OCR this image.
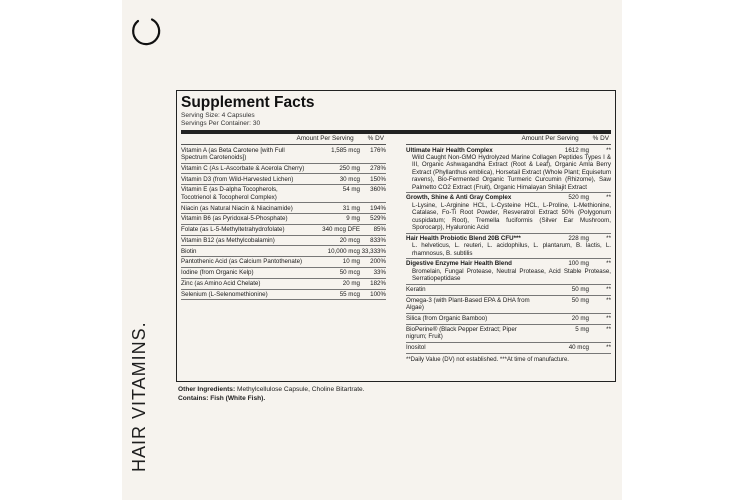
HAIR VITAMINS.
Supplement Facts
Serving Size: 4 Capsules
Servings Per Container: 30
Amount Per Serving % DV
Vitamin A (as Beta Carotene [with Full Spectrum Carotenoids])
1,585 mcg	176%
Vitamin C (As L-Ascorbate & Acerola Cherry)	250 mg	278%
Vitamin D3 (from Wild-Harvested Lichen)	30 mcg	150%
Vitamin E (as D-alpha Tocopherols, Tocotrienol & Tocopherol Complex)
54 mg	360%
Niacin (as Natural Niacin & Niacinamide)	31 mg	194%
Vitamin B6 (as Pyridoxal-5-Phosphate)	9 mg	529%
Folate (as L-5-Methyltetrahydrofolate)	340 mcg DFE	85%
Vitamin B12 (as Methylcobalamin)	20 mcg	833%
Biotin	10,000 mcg 33,333%
Pantothenic Acid (as Calcium Pantothenate)	10 mg	200%
Iodine (from Organic Kelp)	50 mcg	33%
Zinc (as Amino Acid Chelate)	20 mg	182%
Selenium (L-Selenomethionine)	55 mcg	100%
Amount Per Serving % DV
Ultimate Hair Health Complex	1612 mg	**
Wild Caught Non-GMO Hydrolyzed Marine Collagen Peptides Types I & III, Organic Ashwagandha Extract (Root & Leaf), Organic Amla Berry Extract (Phyllanthus emblica), Horsetail Extract (Whole Plant; Equisetum ravens), Bio-Fermented Organic Turmeric Curcumin (Rhizome), Saw Palmetto CO2 Extract (Fruit), Organic Himalayan Shilajit Extract
Growth, Shine & Anti Gray Complex	520 mg	**
L-Lysine, L-Arginine HCL, L-Cysteine HCL, L-Proline, L-Methionine, Catalase, Fo-Ti Root Powder, Resveratrol Extract 50% (Polygonum cuspidatum; Root), Tremella fuciformis (Silver Ear Mushroom, Sporocarp), Hyaluronic Acid
Hair Health Probiotic Blend 20B CFU***	228 mg	**
L. helveticus, L. reuteri, L. acidophilus, L. plantarum, B. lactis, L. rhamnosus, B. subtilis
Digestive Enzyme Hair Health Blend	100 mg	**
Bromelain, Fungal Protease, Neutral Protease, Acid Stable Protease, Serratiopeptidase
Keratin	50 mg	**
Omega-3 (with Plant-Based EPA & DHA from Algae)
50 mg	**
Silica (from Organic Bamboo)	20 mg	**
BioPerine® (Black Pepper Extract; Piper nigrum; Fruit)
5 mg	**
Inositol	40 mcg	**
**Daily Value (DV) not established. ***At time of manufacture.
Other Ingredients: Methylcellulose Capsule, Choline Bitartrate.
Contains: Fish (White Fish).
